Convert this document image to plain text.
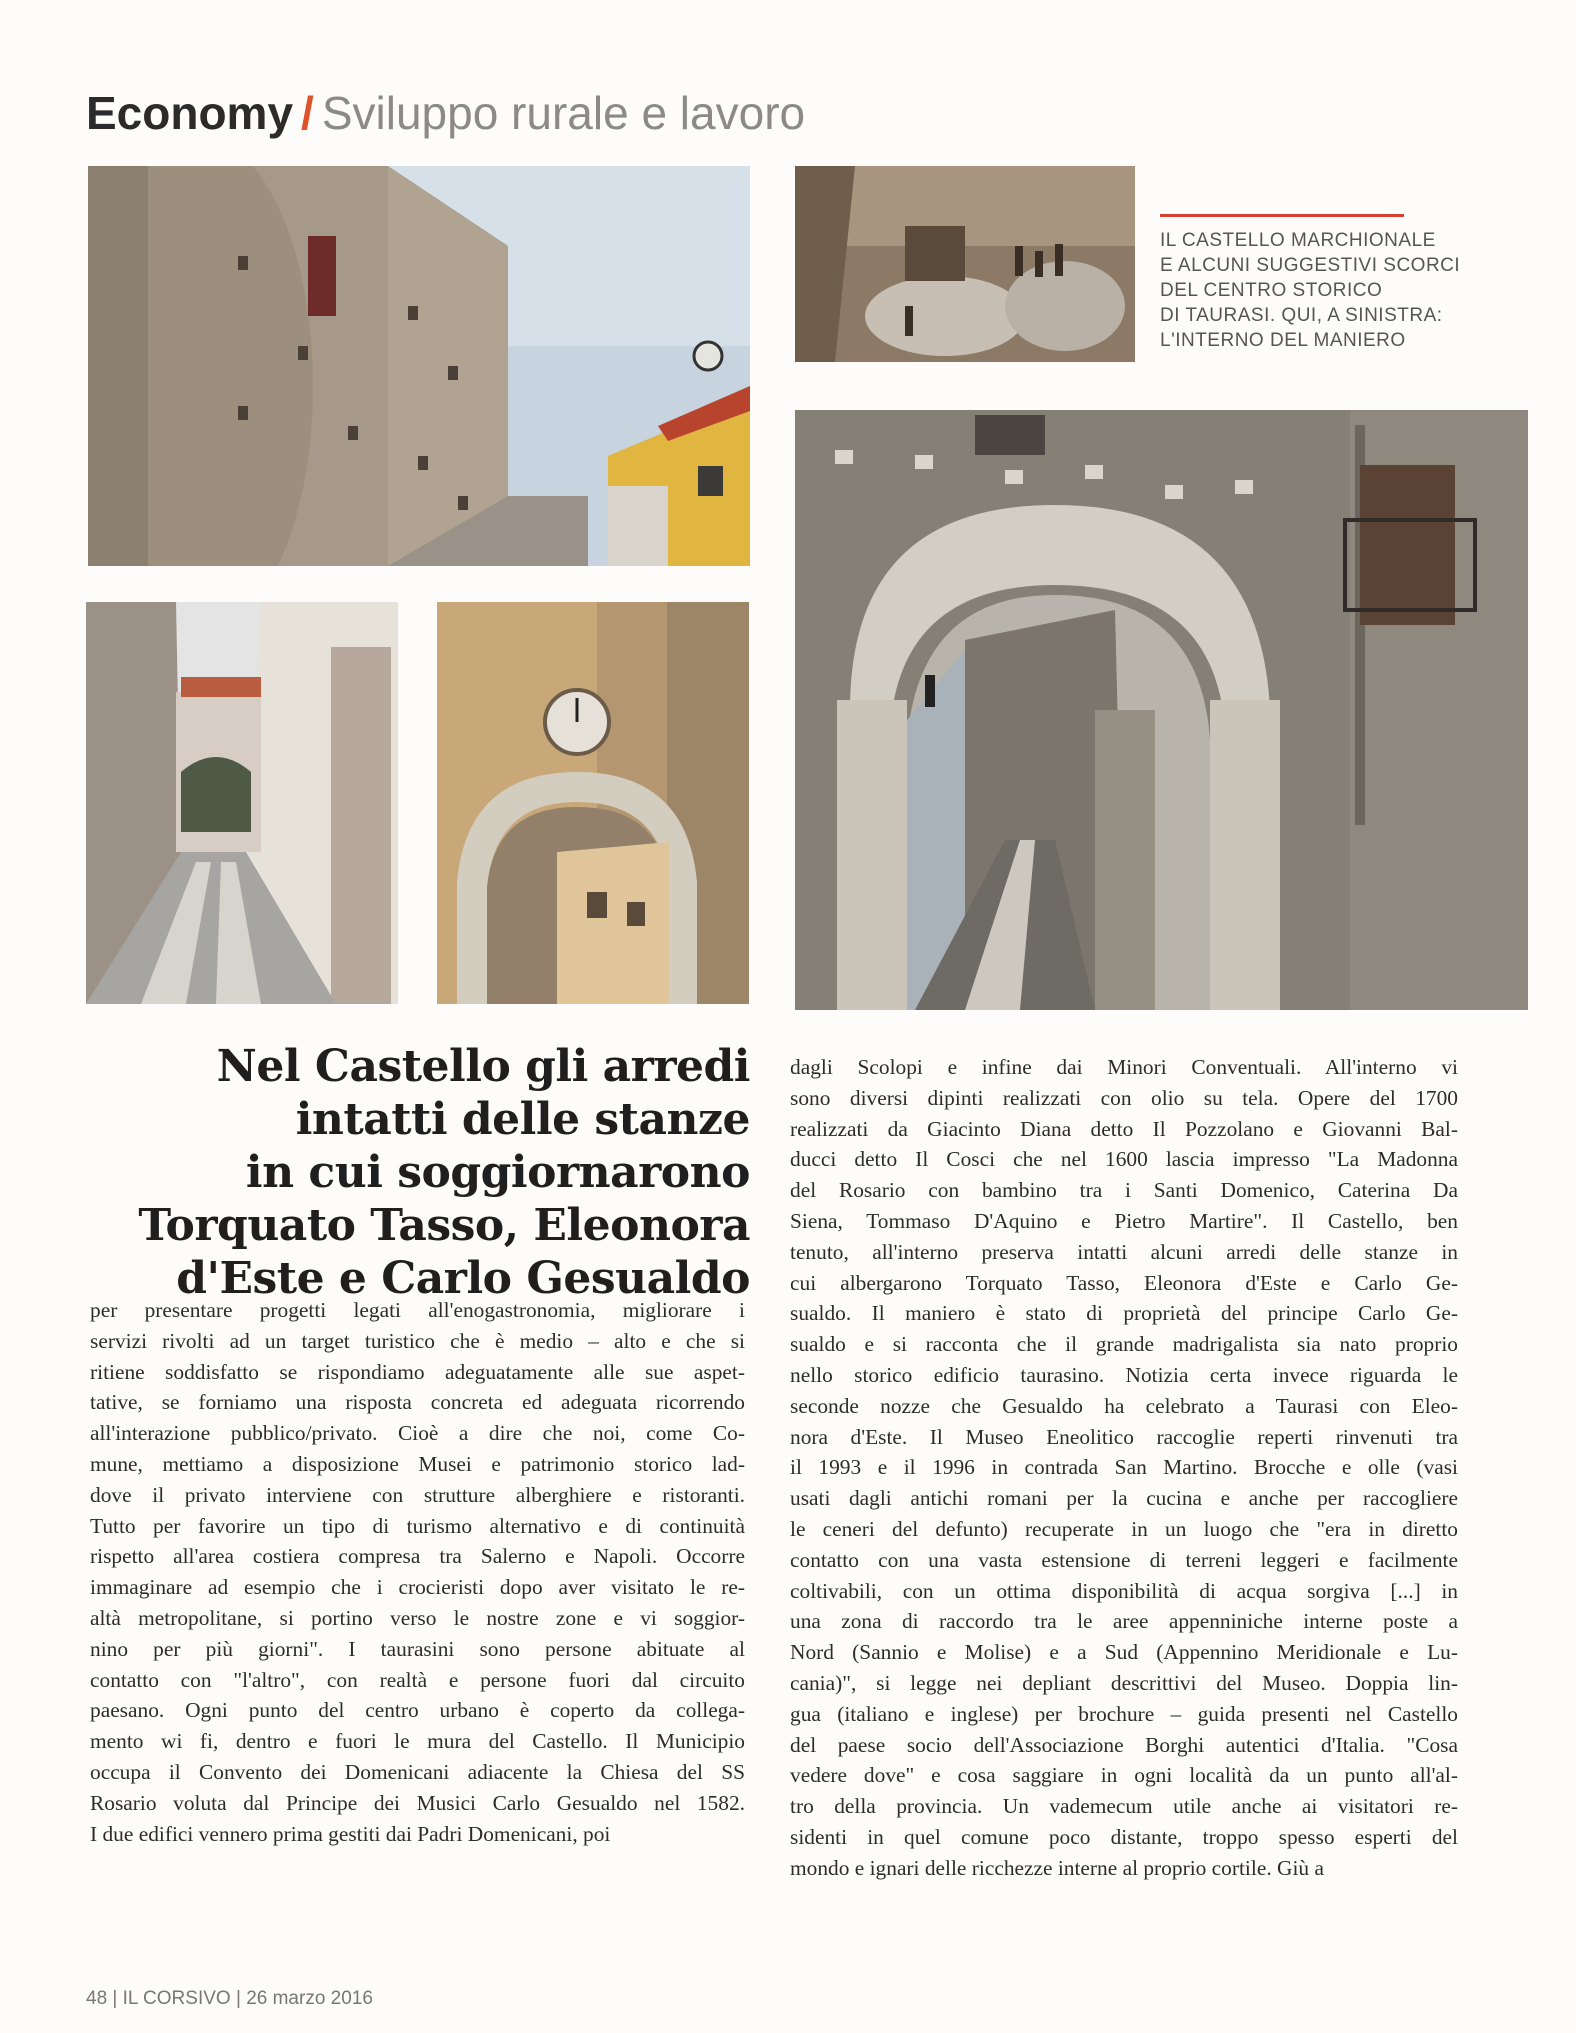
Economy / Sviluppo rurale e lavoro
IL CASTELLO MARCHIONALE
E ALCUNI SUGGESTIVI SCORCI
DEL CENTRO STORICO
DI TAURASI. QUI, A SINISTRA:
L'INTERNO DEL MANIERO
Nel Castello gli arredi
intatti delle stanze
in cui soggiornarono
Torquato Tasso, Eleonora
d'Este e Carlo Gesualdo
per presentare progetti legati all'enogastronomia, migliorare i
servizi rivolti ad un target turistico che è medio – alto e che si
ritiene soddisfatto se rispondiamo adeguatamente alle sue aspet-
tative, se forniamo una risposta concreta ed adeguata ricorrendo
all'interazione pubblico/privato. Cioè a dire che noi, come Co-
mune, mettiamo a disposizione Musei e patrimonio storico lad-
dove il privato interviene con strutture alberghiere e ristoranti.
Tutto per favorire un tipo di turismo alternativo e di continuità
rispetto all'area costiera compresa tra Salerno e Napoli. Occorre
immaginare ad esempio che i crocieristi dopo aver visitato le re-
altà metropolitane, si portino verso le nostre zone e vi soggior-
nino per più giorni". I taurasini sono persone abituate al
contatto con "l'altro", con realtà e persone fuori dal circuito
paesano. Ogni punto del centro urbano è coperto da collega-
mento wi fi, dentro e fuori le mura del Castello. Il Municipio
occupa il Convento dei Domenicani adiacente la Chiesa del SS
Rosario voluta dal Principe dei Musici Carlo Gesualdo nel 1582.
I due edifici vennero prima gestiti dai Padri Domenicani, poi
dagli Scolopi e infine dai Minori Conventuali. All'interno vi
sono diversi dipinti realizzati con olio su tela. Opere del 1700
realizzati da Giacinto Diana detto Il Pozzolano e Giovanni Bal-
ducci detto Il Cosci che nel 1600 lascia impresso "La Madonna
del Rosario con bambino tra i Santi Domenico, Caterina Da
Siena, Tommaso D'Aquino e Pietro Martire". Il Castello, ben
tenuto, all'interno preserva intatti alcuni arredi delle stanze in
cui albergarono Torquato Tasso, Eleonora d'Este e Carlo Ge-
sualdo. Il maniero è stato di proprietà del principe Carlo Ge-
sualdo e si racconta che il grande madrigalista sia nato proprio
nello storico edificio taurasino. Notizia certa invece riguarda le
seconde nozze che Gesualdo ha celebrato a Taurasi con Eleo-
nora d'Este. Il Museo Eneolitico raccoglie reperti rinvenuti tra
il 1993 e il 1996 in contrada San Martino. Brocche e olle (vasi
usati dagli antichi romani per la cucina e anche per raccogliere
le ceneri del defunto) recuperate in un luogo che "era in diretto
contatto con una vasta estensione di terreni leggeri e facilmente
coltivabili, con un ottima disponibilità di acqua sorgiva [...] in
una zona di raccordo tra le aree appenniniche interne poste a
Nord (Sannio e Molise) e a Sud (Appennino Meridionale e Lu-
cania)", si legge nei depliant descrittivi del Museo. Doppia lin-
gua (italiano e inglese) per brochure – guida presenti nel Castello
del paese socio dell'Associazione Borghi autentici d'Italia. "Cosa
vedere dove" e cosa saggiare in ogni località da un punto all'al-
tro della provincia. Un vademecum utile anche ai visitatori re-
sidenti in quel comune poco distante, troppo spesso esperti del
mondo e ignari delle ricchezze interne al proprio cortile. Giù a
48 | IL CORSIVO | 26 marzo 2016
